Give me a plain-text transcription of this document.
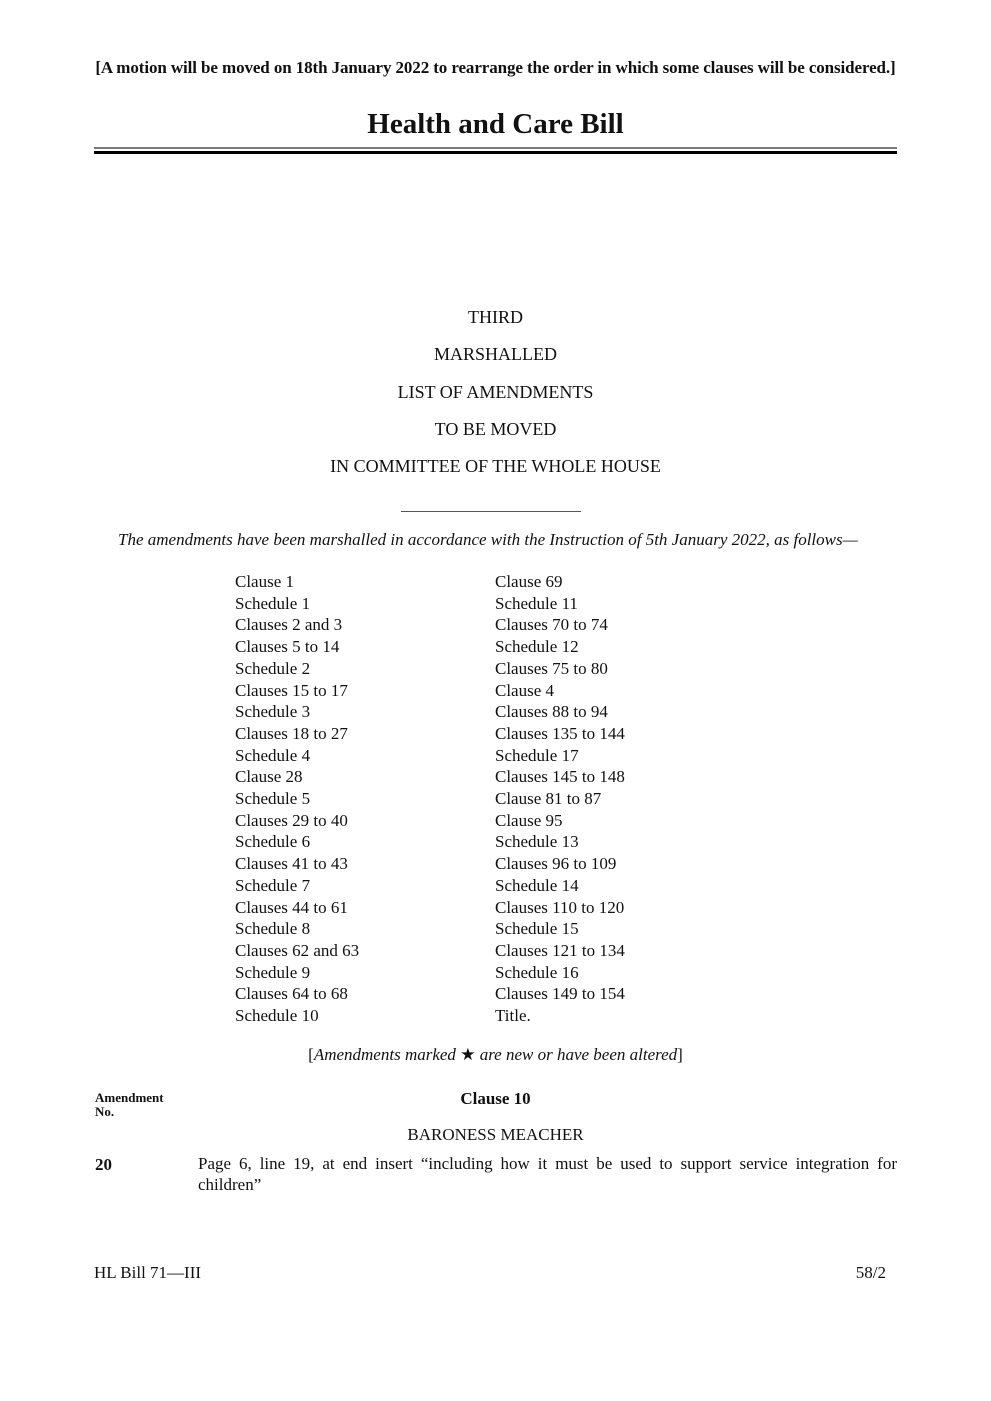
[A motion will be moved on 18th January 2022 to rearrange the order in which some clauses will be considered.]
Health and Care Bill
THIRD
MARSHALLED
LIST OF AMENDMENTS
TO BE MOVED
IN COMMITTEE OF THE WHOLE HOUSE
The amendments have been marshalled in accordance with the Instruction of 5th January 2022, as follows—
Clause 1
Schedule 1
Clauses 2 and 3
Clauses 5 to 14
Schedule 2
Clauses 15 to 17
Schedule 3
Clauses 18 to 27
Schedule 4
Clause 28
Schedule 5
Clauses 29 to 40
Schedule 6
Clauses 41 to 43
Schedule 7
Clauses 44 to 61
Schedule 8
Clauses 62 and 63
Schedule 9
Clauses 64 to 68
Schedule 10
Clause 69
Schedule 11
Clauses 70 to 74
Schedule 12
Clauses 75 to 80
Clause 4
Clauses 88 to 94
Clauses 135 to 144
Schedule 17
Clauses 145 to 148
Clause 81 to 87
Clause 95
Schedule 13
Clauses 96 to 109
Schedule 14
Clauses 110 to 120
Schedule 15
Clauses 121 to 134
Schedule 16
Clauses 149 to 154
Title.
[Amendments marked ★ are new or have been altered]
Amendment
No.
Clause 10
BARONESS MEACHER
20	Page 6, line 19, at end insert “including how it must be used to support service integration for children”
HL Bill 71—III	58/2
